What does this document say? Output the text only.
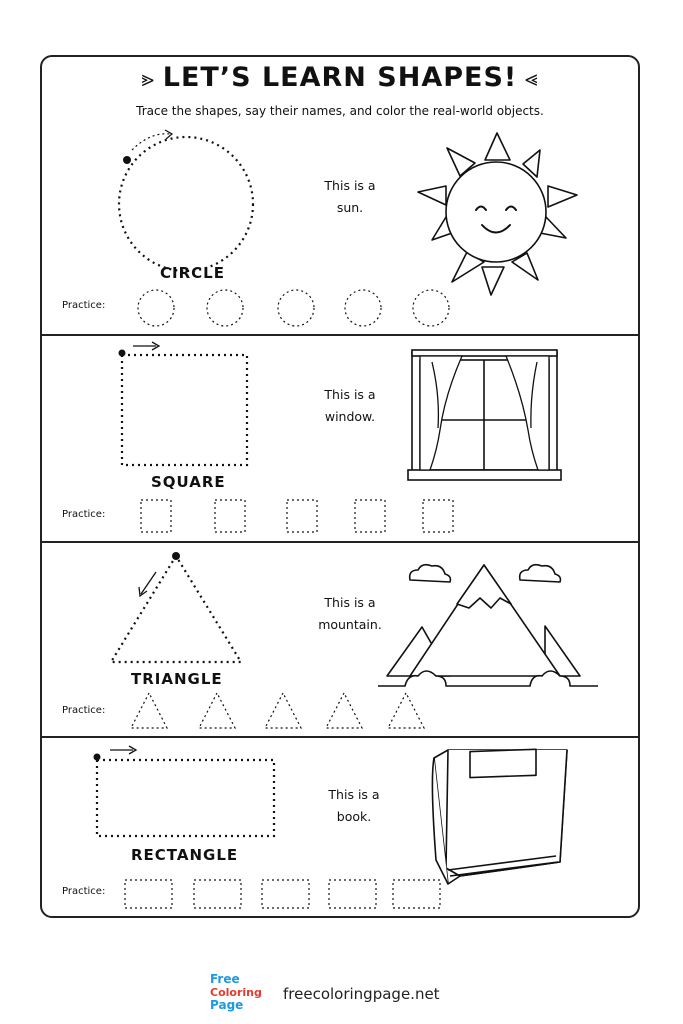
⪢ LET’S LEARN SHAPES! ⪡
Trace the shapes, say their names, and color the real-world objects.
CIRCLE
This is a
sun.
Practice:
SQUARE
This is a
window.
Practice:
TRIANGLE
This is a
mountain.
Practice:
RECTANGLE
This is a
book.
Practice:
Free
Coloring
Page
freecoloringpage.net
